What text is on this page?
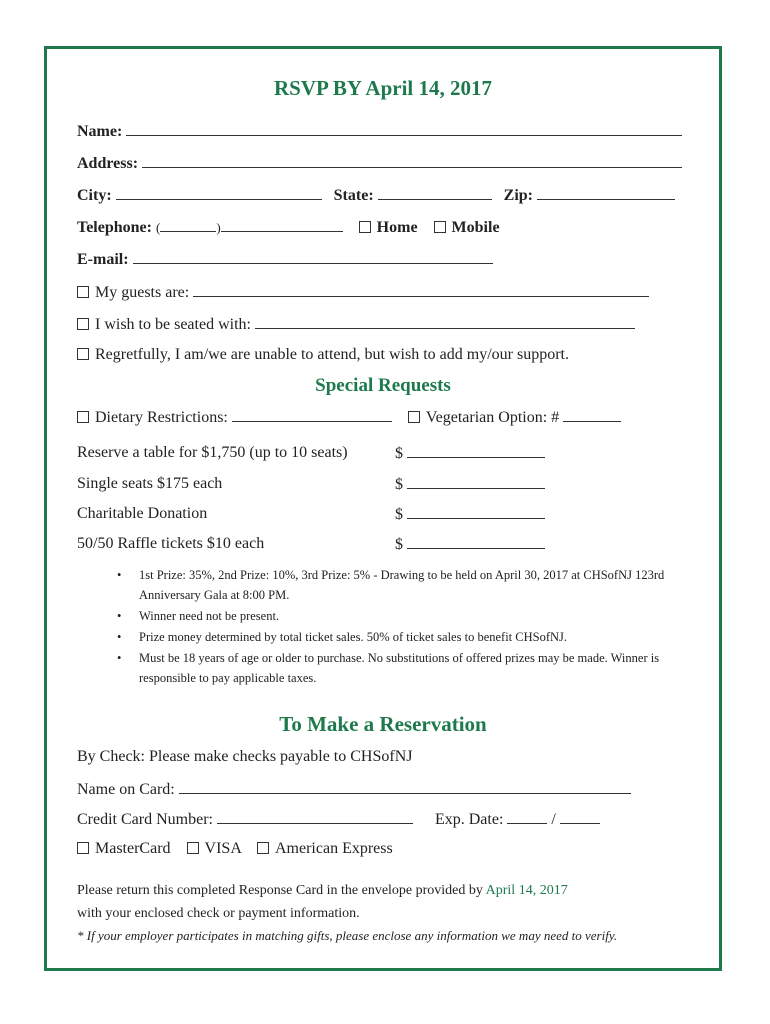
RSVP BY April 14, 2017
Name:
Address:
City:	State:	Zip:
Telephone: (	)	Home Mobile
E-mail:
My guests are:
I wish to be seated with:
Regretfully, I am/we are unable to attend, but wish to add my/our support.
Special Requests
Dietary Restrictions:	Vegetarian Option: #
Reserve a table for $1,750 (up to 10 seats)	$
Single seats $175 each	$
Charitable Donation	$
50/50 Raffle tickets $10 each	$
•	1st Prize: 35%, 2nd Prize: 10%, 3rd Prize: 5% - Drawing to be held on April 30, 2017 at CHSofNJ 123rd Anniversary Gala at 8:00 PM.
•	Winner need not be present.
•	Prize money determined by total ticket sales. 50% of ticket sales to benefit CHSofNJ.
•	Must be 18 years of age or older to purchase. No substitutions of offered prizes may be made. Winner is responsible to pay applicable taxes.
To Make a Reservation
By Check: Please make checks payable to CHSofNJ
Name on Card:
Credit Card Number:	Exp. Date:	/
MasterCard VISA American Express
Please return this completed Response Card in the envelope provided by April 14, 2017
with your enclosed check or payment information.
* If your employer participates in matching gifts, please enclose any information we may need to verify.
